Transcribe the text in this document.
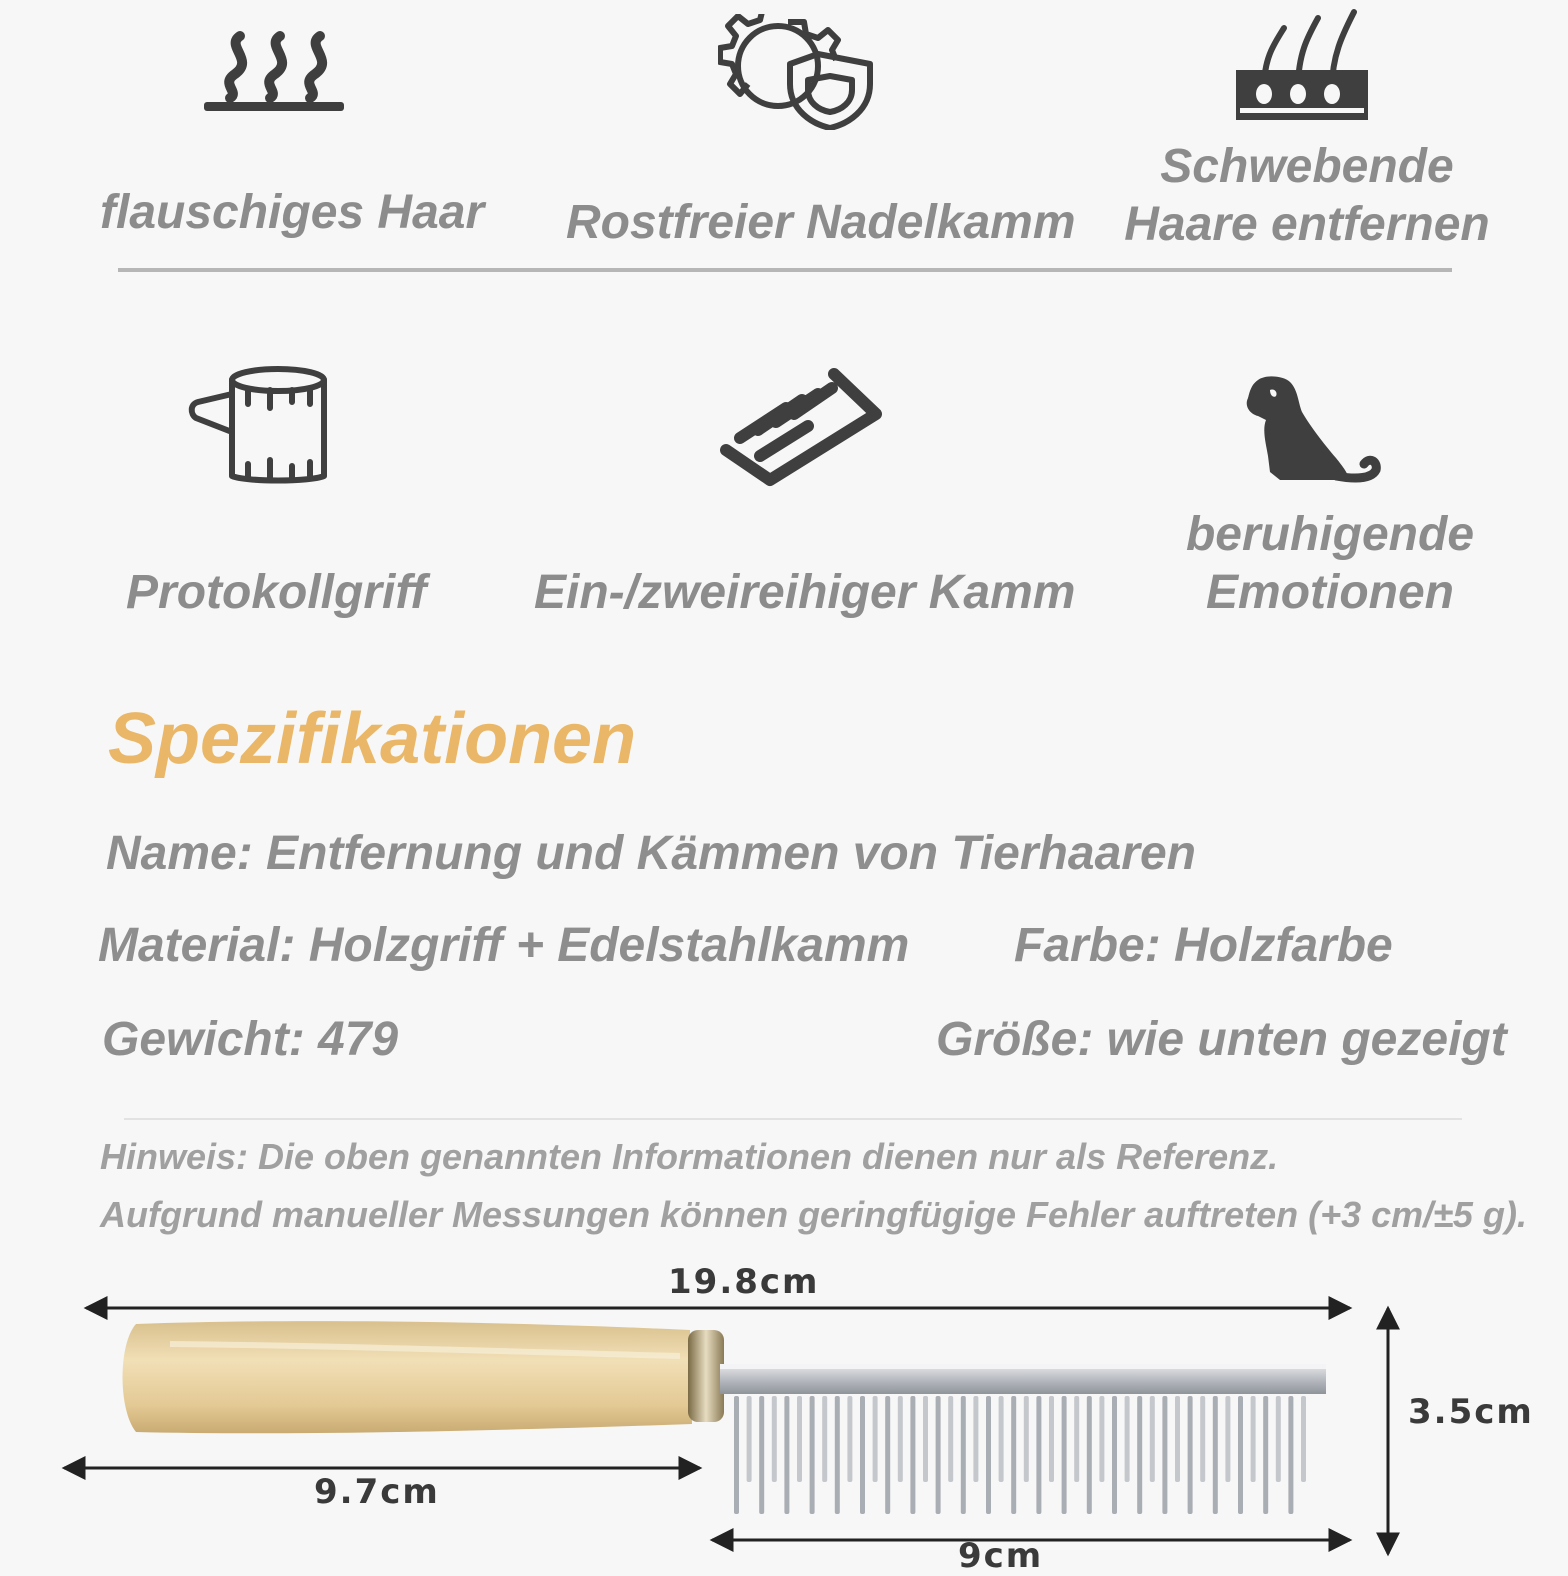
flauschiges Haar Rostfreier Nadelkamm
Schwebende
Haare entfernen
Protokollgriff Ein-/zweireihiger Kamm
beruhigende
Emotionen
Spezifikationen
Name: Entfernung und Kämmen von Tierhaaren
Material: Holzgriff + Edelstahlkamm Farbe: Holzfarbe
Gewicht: 479	Größe: wie unten gezeigt
Hinweis: Die oben genannten Informationen dienen nur als Referenz.
Aufgrund manueller Messungen können geringfügige Fehler auftreten (+3 cm/±5 g).
19.8cm
9.7cm
3.5cm
9cm
